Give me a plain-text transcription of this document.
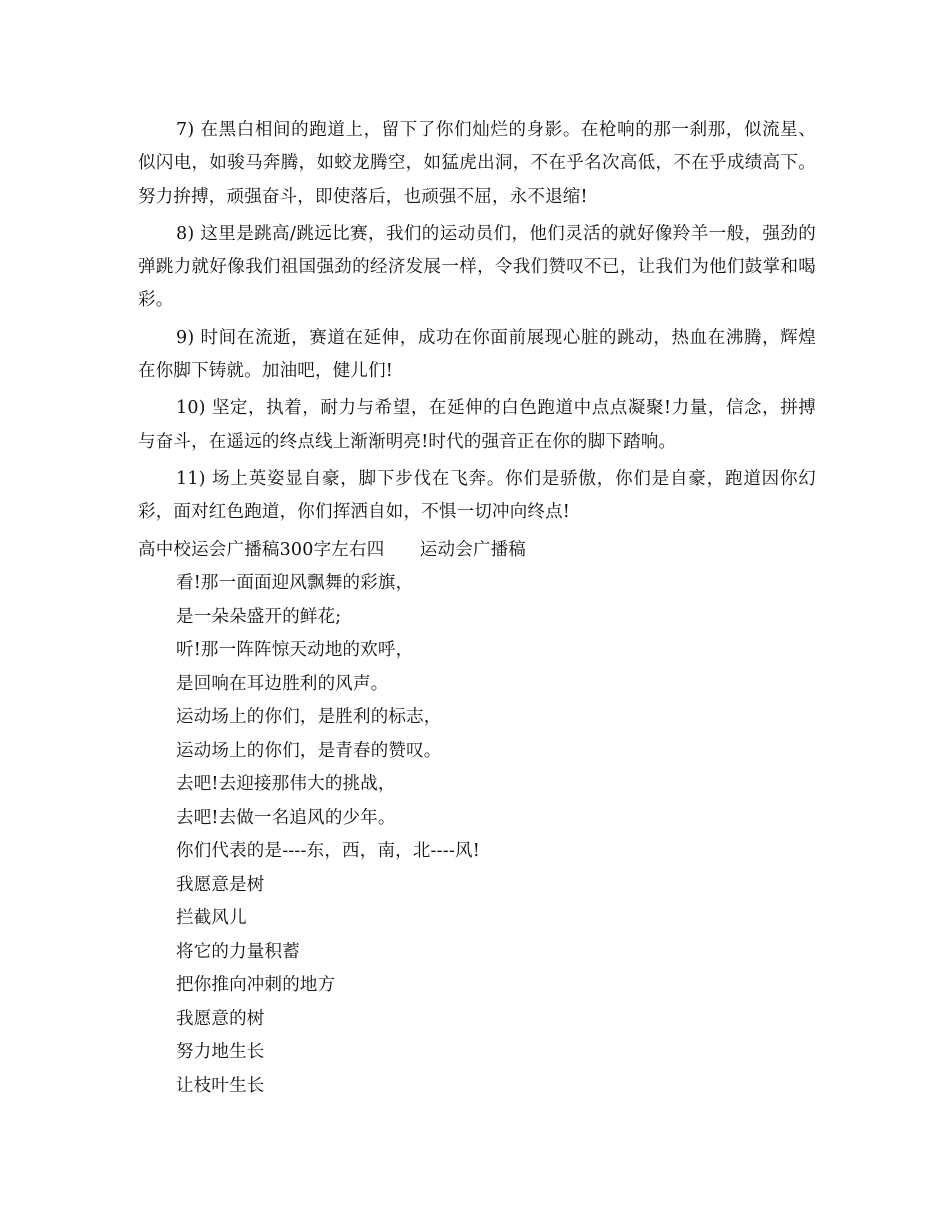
7) 在黑白相间的跑道上，留下了你们灿烂的身影。在枪响的那一刹那，似流星、似闪电，如骏马奔腾，如蛟龙腾空，如猛虎出洞，不在乎名次高低，不在乎成绩高下。努力拚搏，顽强奋斗，即使落后，也顽强不屈，永不退缩!

8) 这里是跳高/跳远比赛，我们的运动员们，他们灵活的就好像羚羊一般，强劲的弹跳力就好像我们祖国强劲的经济发展一样，令我们赞叹不已，让我们为他们鼓掌和喝彩。

9) 时间在流逝，赛道在延伸，成功在你面前展现心脏的跳动，热血在沸腾，辉煌在你脚下铸就。加油吧，健儿们!

10) 坚定，执着，耐力与希望，在延伸的白色跑道中点点凝聚!力量，信念，拼搏与奋斗，在遥远的终点线上渐渐明亮!时代的强音正在你的脚下踏响。

11) 场上英姿显自豪，脚下步伐在飞奔。你们是骄傲，你们是自豪，跑道因你幻彩，面对红色跑道，你们挥洒自如，不惧一切冲向终点!

高中校运会广播稿300字左右四　　运动会广播稿
看!那一面面迎风飘舞的彩旗，
是一朵朵盛开的鲜花;
听!那一阵阵惊天动地的欢呼，
是回响在耳边胜利的风声。
运动场上的你们，是胜利的标志，
运动场上的你们，是青春的赞叹。
去吧!去迎接那伟大的挑战，
去吧!去做一名追风的少年。
你们代表的是----东，西，南，北----风!
我愿意是树
拦截风儿
将它的力量积蓄
把你推向冲刺的地方
我愿意的树
努力地生长
让枝叶生长
